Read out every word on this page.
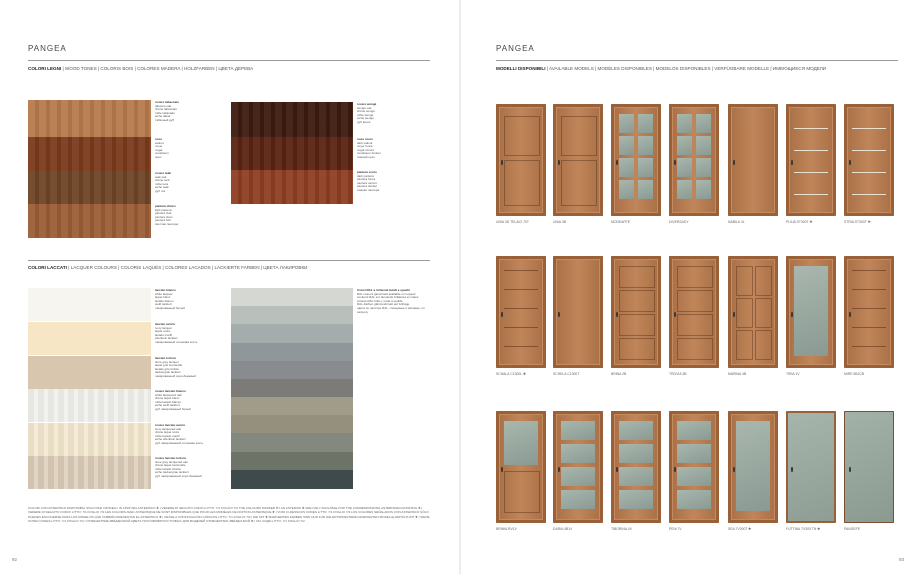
PANGEA
COLORI LEGNI | WOOD TONES | COLORIS BOIS | COLORES MADERA | HOLZFARBEN | ЦВЕТА ДЕРЕВА
rovere tabaccato
tabacco oak
chêne tabaccato
roble tabacado
eiche tabak
табачный дуб
noce
walnut
noyer
nogal
nussbaum
орех
rovere teak
teak oak
chêne teck
roble teca
eiche teak
дуб тик
pantera chiaro
light pantera
pantera clair
pantera claro
pantera hell
светлая пантера
rovere wengé
wengé oak
chêne wengé
roble wengé
eiche wengé
дуб венге
noce scuro
dark walnut
noyer foncé
nogal oscuro
nussbaum dunkel
тёмный орех
pantera scuro
dark pantera
pantera foncé
pantera oscuro
pantera dunkel
тёмная пантера
COLORI LACCATI | LACQUER COLOURS | COLORIS LAQUÉS | COLORES LACADOS | LACKIERTE FARBEN | ЦВЕТА ЛАКИРОВКИ
laccato bianco
white lacquer
laqué blanc
lacado blanco
weiß lackiert
лакированный белый
laccato avorio
ivory lacquer
laqué ivoire
lacado marfil
elfenbein lackiert
лакированный слоновая кость
laccato tortora
dove grey lacquer
laqué gris tourterelle
lacado gris tórtola
taubengrau lackiert
лакированный серо-бежевый
rovere laccato bianco
white lacquered oak
chêne laqué blanc
roble lacado blanco
eiche weiß lackiert
дуб лакированный белый
rovere laccato avorio
ivory lacquered oak
chêne laqué ivoire
roble lacado marfil
eiche elfenbein lackiert
дуб лакированный слоновая кость
rovere laccato tortora
dove grey lacquered oak
chêne laqué tourterelle
roble lacado tórtola
eiche taubengrau lackiert
дуб лакированный серо-бежевый
Colori RAL a richiesta lucidi e opachi
RAL colours gloss/matt available on request
couleurs RAL sur demande brillantes et mates
colores RAL brillo y mate a pedido
RAL-Farben glänzend/matt auf Anfrage
цвета по палитре RAL, глянцевые и матовые, по запросу
COLORI CON ASTERISCO DISPONIBILI SOLO PER I MODELLI IN FINITURA ASTERISCO ✚ | VEDERE DI SEGUITO CODICI LITTO: 7/1 FOGLIO 7/2 THE COLOURS MARKED BY AN ASTERISK ✚ ARE ONLY AVAILABLE FOR THE CORRESPONDING ASTERISKED FINISHING ✚ | VEDERE DI SEGUITO CODICI LITTO: 7/1 FOGLIO 7/2 LES COLORIS AVEC ASTERISQUE NE SONT DISPONIBLES QUE POUR LES MODÈLES DE FINITION ASTERISQUE ✚ | VOIR CI-DESSOUS CODES LITTO: 7/1 FOGLIO 7/2 LOS COLORES SEÑALADOS CON ASTERISCO SÓLO PUEDEN ESCOGERSE PARA LOS MODELOS QUE TAMBIÉN PRESENTAN EL ASTERISCO ✚ | VEÁSE A CONTINUACIÓN CÓDIGOS LITTO: 7/1 FOGLIO 7/2 | DIE MIT ✚ MARKIERTEN FARBEN SIND NUR FÜR DIE ENTSPRECHEND MARKIERTEN MODELLE ERHÄLTLICH ✚ | SIEHE UNTEN CODES LITTO: 7/1 FOGLIO 7/2 | ОТМЕЧЕННЫЕ ЗВЁЗДОЧКОЙ ЦВЕТА ПОСТАВЛЯЮТСЯ ТОЛЬКО ДЛЯ МОДЕЛЕЙ ОТМЕЧЕННЫХ ЗВЁЗДОЧКОЙ ✚ | СМ. КОДЫ LITTO: 7/1 FOGLIO 7/2
92
PANGEA
MODELLI DISPONIBILI | AVAILABLE MODELS | MODÈLES DISPONIBLES | MODELOS DISPONIBLES | VERFÜGBARE MODELLE | ИМЕЮЩИЕСЯ МОДЕЛИ
UNIA 3D TELAIO 70T	UNIA 3B	MODEARTE	DIVERSADY	NABILA 3L	PULIA ST300T ✚	STRIA ST300T ✚
SCHALA C1300L ✚	SCHELA C1300T	BRINA 2B	TROVIA 3B	MARINA 4B	TIRIA 1V	MIRE 5B2CB
BRINIA RV1V	DARIA 4B1V	TIBORINA 4V	PEIA 7V	SEA 7V300T ✚	FUTTINA 7V300 TN ✚	PANGEFE
93
